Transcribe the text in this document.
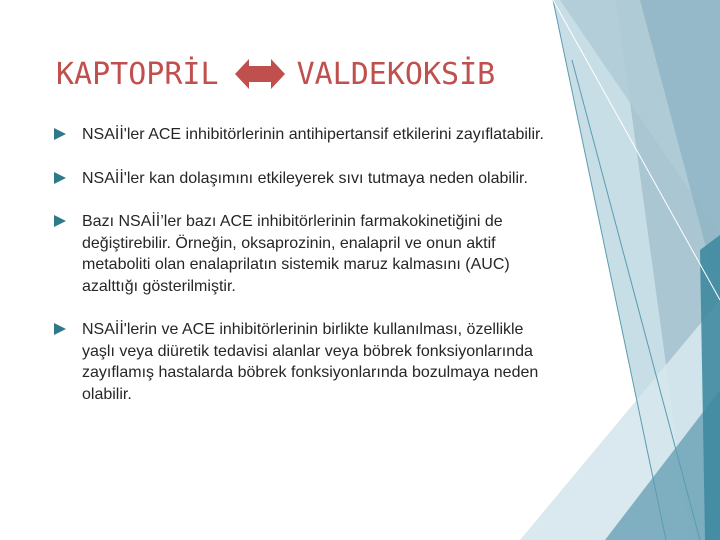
KAPTOPRİL	VALDEKOKSİB
NSAİİ'ler ACE inhibitörlerinin antihipertansif etkilerini zayıflatabilir.
NSAİİ'ler kan dolaşımını etkileyerek sıvı tutmaya neden olabilir.
Bazı NSAİİ’ler bazı ACE inhibitörlerinin farmakokinetiğini de değiştirebilir. Örneğin, oksaprozinin, enalapril ve onun aktif metaboliti olan enalaprilatın sistemik maruz kalmasını (AUC) azalttığı gösterilmiştir.
NSAİİ'lerin ve ACE inhibitörlerinin birlikte kullanılması, özellikle yaşlı veya diüretik tedavisi alanlar veya böbrek fonksiyonlarında zayıflamış hastalarda böbrek fonksiyonlarında bozulmaya neden olabilir.
